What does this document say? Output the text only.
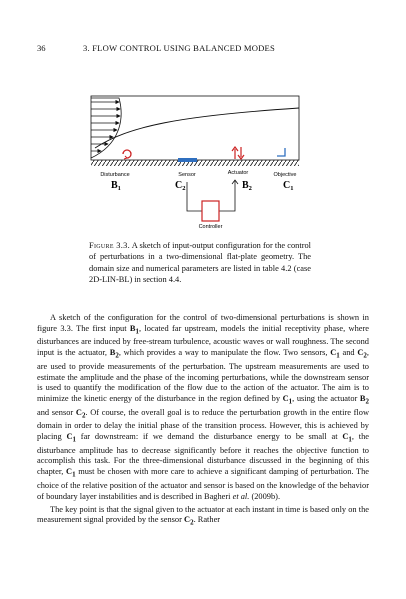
36	3. FLOW CONTROL USING BALANCED MODES
Disturbance	Sensor	Actuator	Objective
$B_1$	$C_2$	$B_2$	$C_1$
Controller
Figure 3.3. A sketch of input-output configuration for the control of perturbations in a two-dimensional flat-plate geometry. The domain size and numerical parameters are listed in table 4.2 (case 2D-LIN-BL) in section 4.4.

A sketch of the configuration for the control of two-dimensional perturbations is shown in figure 3.3. The first input $B_1$, located far upstream, models the initial receptivity phase, where disturbances are induced by free-stream turbulence, acoustic waves or wall roughness. The second input is the actuator, $B_2$, which provides a way to manipulate the flow. Two sensors, $C_1$ and $C_2$, are used to provide measurements of the perturbation. The upstream measurements are used to estimate the amplitude and the phase of the incoming perturbations, while the downstream sensor is used to quantify the modification of the flow due to the action of the actuator. The aim is to minimize the kinetic energy of the disturbance in the region defined by $C_1$, using the actuator $B_2$ and sensor $C_2$. Of course, the overall goal is to reduce the perturbation growth in the entire flow domain in order to delay the initial phase of the transition process. However, this is achieved by placing $C_1$ far downstream: if we demand the disturbance energy to be small at $C_1$, the disturbance amplitude has to decrease significantly before it reaches the objective function to accomplish this task. For the three-dimensional disturbance discussed in the beginning of this chapter, $C_1$ must be chosen with more care to achieve a significant damping of perturbation. The choice of the relative position of the actuator and sensor is based on the knowledge of the behavior of boundary layer instabilities and is described in Bagheri et al. (2009b).

The key point is that the signal given to the actuator at each instant in time is based only on the measurement signal provided by the sensor $C_2$. Rather
